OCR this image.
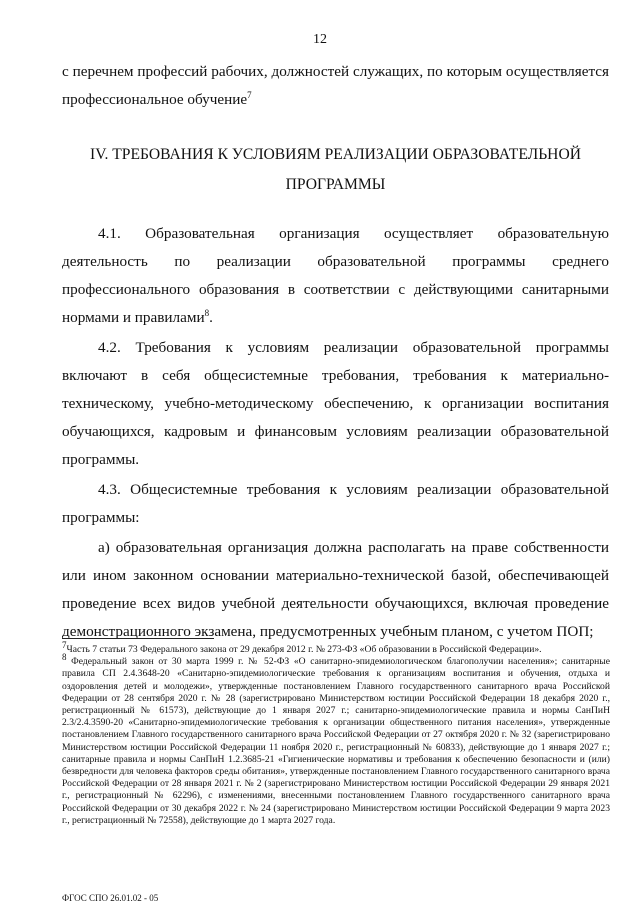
12

с перечнем профессий рабочих, должностей служащих, по которым осуществляется профессиональное обучение$^7$

IV. ТРЕБОВАНИЯ К УСЛОВИЯМ РЕАЛИЗАЦИИ ОБРАЗОВАТЕЛЬНОЙ ПРОГРАММЫ

4.1. Образовательная организация осуществляет образовательную деятельность по реализации образовательной программы среднего профессионального образования в соответствии с действующими санитарными нормами и правилами$^8$.

4.2. Требования к условиям реализации образовательной программы включают в себя общесистемные требования, требования к материально-техническому, учебно-методическому обеспечению, к организации воспитания обучающихся, кадровым и финансовым условиям реализации образовательной программы.

4.3. Общесистемные требования к условиям реализации образовательной программы:

а) образовательная организация должна располагать на праве собственности или ином законном основании материально-технической базой, обеспечивающей проведение всех видов учебной деятельности обучающихся, включая проведение демонстрационного экзамена, предусмотренных учебным планом, с учетом ПОП;

$^7$Часть 7 статьи 73 Федерального закона от 29 декабря 2012 г. № 273-ФЗ «Об образовании в Российской Федерации».

$^8$ Федеральный закон от 30 марта 1999 г. № 52-ФЗ «О санитарно-эпидемиологическом благополучии населения»; санитарные правила СП 2.4.3648-20 «Санитарно-эпидемиологические требования к организациям воспитания и обучения, отдыха и оздоровления детей и молодежи», утвержденные постановлением Главного государственного санитарного врача Российской Федерации от 28 сентября 2020 г. № 28 (зарегистрировано Министерством юстиции Российской Федерации 18 декабря 2020 г., регистрационный № 61573), действующие до 1 января 2027 г.; санитарно-эпидемиологические правила и нормы СанПиН 2.3/2.4.3590-20 «Санитарно-эпидемиологические требования к организации общественного питания населения», утвержденные постановлением Главного государственного санитарного врача Российской Федерации от 27 октября 2020 г. № 32 (зарегистрировано Министерством юстиции Российской Федерации 11 ноября 2020 г., регистрационный № 60833), действующие до 1 января 2027 г.; санитарные правила и нормы СанПиН 1.2.3685-21 «Гигиенические нормативы и требования к обеспечению безопасности и (или) безвредности для человека факторов среды обитания», утвержденные постановлением Главного государственного санитарного врача Российской Федерации от 28 января 2021 г. № 2 (зарегистрировано Министерством юстиции Российской Федерации 29 января 2021 г., регистрационный № 62296), с изменениями, внесенными постановлением Главного государственного санитарного врача Российской Федерации от 30 декабря 2022 г. № 24 (зарегистрировано Министерством юстиции Российской Федерации 9 марта 2023 г., регистрационный № 72558), действующие до 1 марта 2027 года.

ФГОС СПО 26.01.02 - 05
